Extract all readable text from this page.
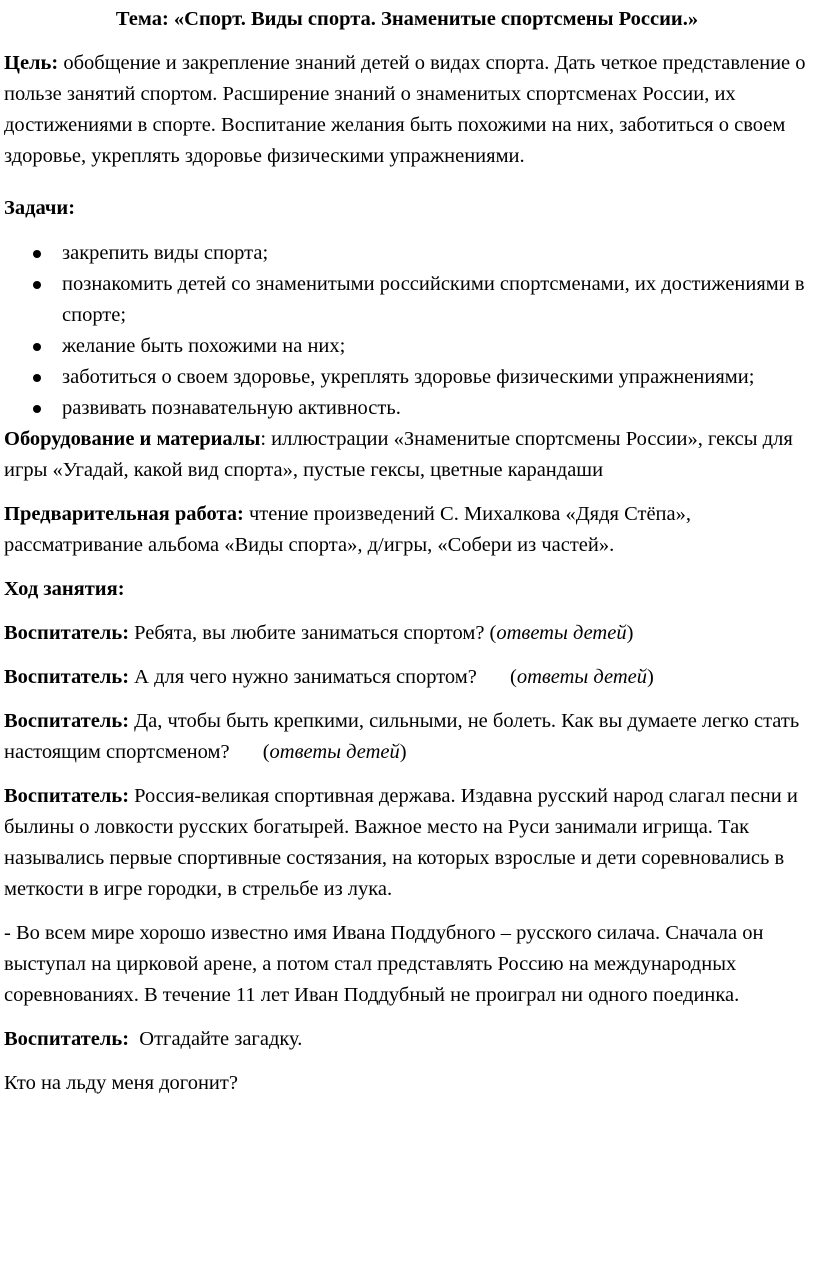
Тема: «Спорт. Виды спорта. Знаменитые спортсмены России.»

Цель: обобщение и закрепление знаний детей о видах спорта. Дать четкое представление о пользе занятий спортом. Расширение знаний о знаменитых спортсменах России, их достижениями в спорте. Воспитание желания быть похожими на них, заботиться о своем здоровье, укреплять здоровье физическими упражнениями.

Задачи:

закрепить виды спорта;
познакомить детей со знаменитыми российскими спортсменами, их достижениями в спорте;
желание быть похожими на них;
заботиться о своем здоровье, укреплять здоровье физическими упражнениями;
развивать познавательную активность.

Оборудование и материалы: иллюстрации «Знаменитые спортсмены России», гексы для игры «Угадай, какой вид спорта», пустые гексы, цветные карандаши

Предварительная работа: чтение произведений С. Михалкова «Дядя Стёпа», рассматривание альбома «Виды спорта», д/игры, «Собери из частей».

Ход занятия:

Воспитатель: Ребята, вы любите заниматься спортом? (ответы детей)

Воспитатель: А для чего нужно заниматься спортом? (ответы детей)

Воспитатель: Да, чтобы быть крепкими, сильными, не болеть. Как вы думаете легко стать настоящим спортсменом? (ответы детей)

Воспитатель: Россия-великая спортивная держава. Издавна русский народ слагал песни и былины о ловкости русских богатырей. Важное место на Руси занимали игрища. Так назывались первые спортивные состязания, на которых взрослые и дети соревновались в меткости в игре городки, в стрельбе из лука.

- Во всем мире хорошо известно имя Ивана Поддубного – русского силача. Сначала он выступал на цирковой арене, а потом стал представлять Россию на международных соревнованиях. В течение 11 лет Иван Поддубный не проиграл ни одного поединка.

Воспитатель:  Отгадайте загадку.

Кто на льду меня догонит?
